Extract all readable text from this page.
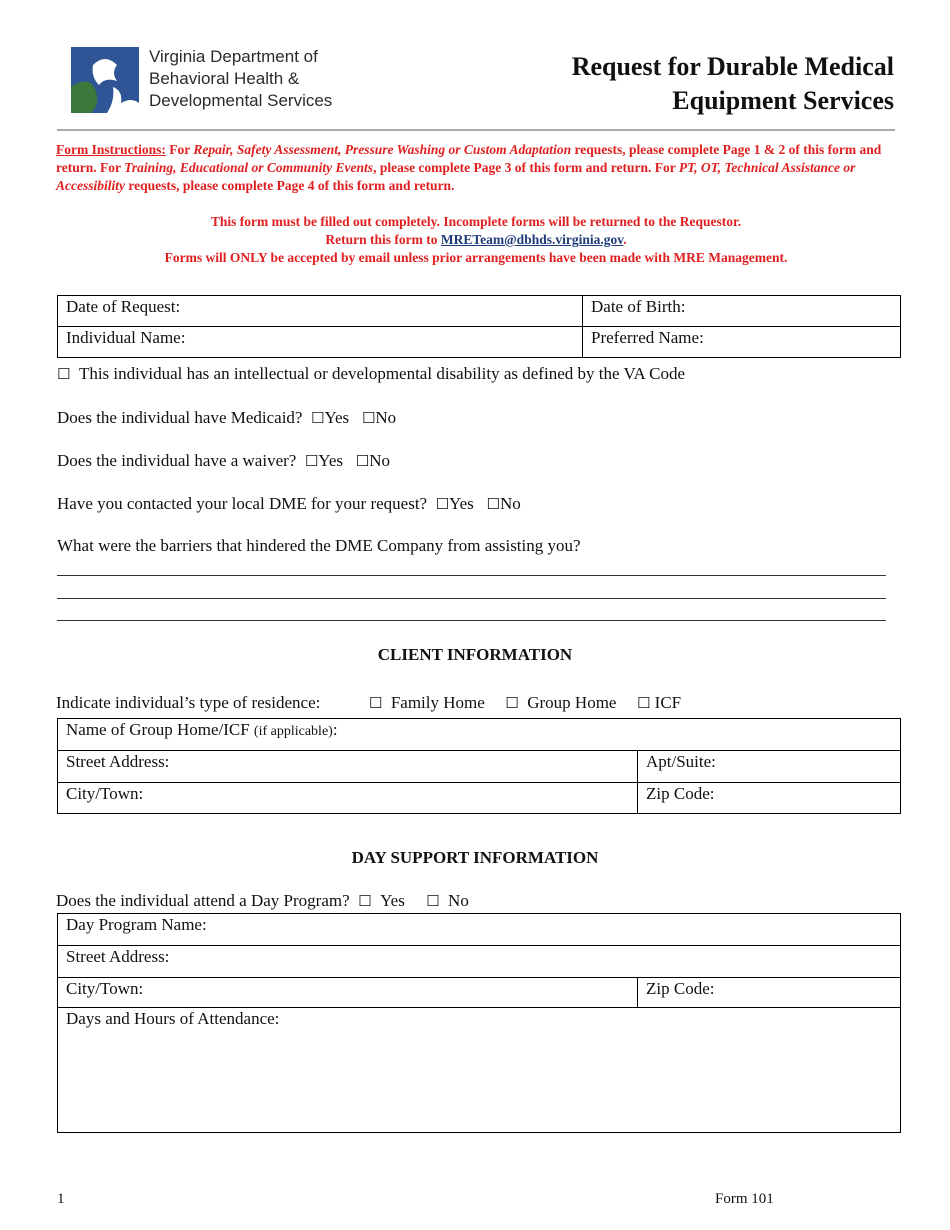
Virginia Department of
Behavioral Health &
Developmental Services
Request for Durable Medical
Equipment Services
Form Instructions: For Repair, Safety Assessment, Pressure Washing or Custom Adaptation requests, please complete Page 1 & 2 of this form and return. For Training, Educational or Community Events, please complete Page 3 of this form and return. For PT, OT, Technical Assistance or Accessibility requests, please complete Page 4 of this form and return.
This form must be filled out completely. Incomplete forms will be returned to the Requestor.
Return this form to MRETeam@dbhds.virginia.gov.
Forms will ONLY be accepted by email unless prior arrangements have been made with MRE Management.
Date of Request:	Date of Birth:
Individual Name:	Preferred Name:
☐ This individual has an intellectual or developmental disability as defined by the VA Code
Does the individual have Medicaid? ☐Yes ☐No
Does the individual have a waiver? ☐Yes ☐No
Have you contacted your local DME for your request? ☐Yes ☐No
What were the barriers that hindered the DME Company from assisting you?
CLIENT INFORMATION
Indicate individual’s type of residence:	☐ Family Home ☐ Group Home ☐ ICF
Name of Group Home/ICF (if applicable):	
Street Address:	Apt/Suite:
City/Town:	Zip Code:
DAY SUPPORT INFORMATION
Does the individual attend a Day Program? ☐ Yes ☐ No
Day Program Name:
Street Address:
City/Town:	Zip Code:
Days and Hours of Attendance:
1	Form 101
